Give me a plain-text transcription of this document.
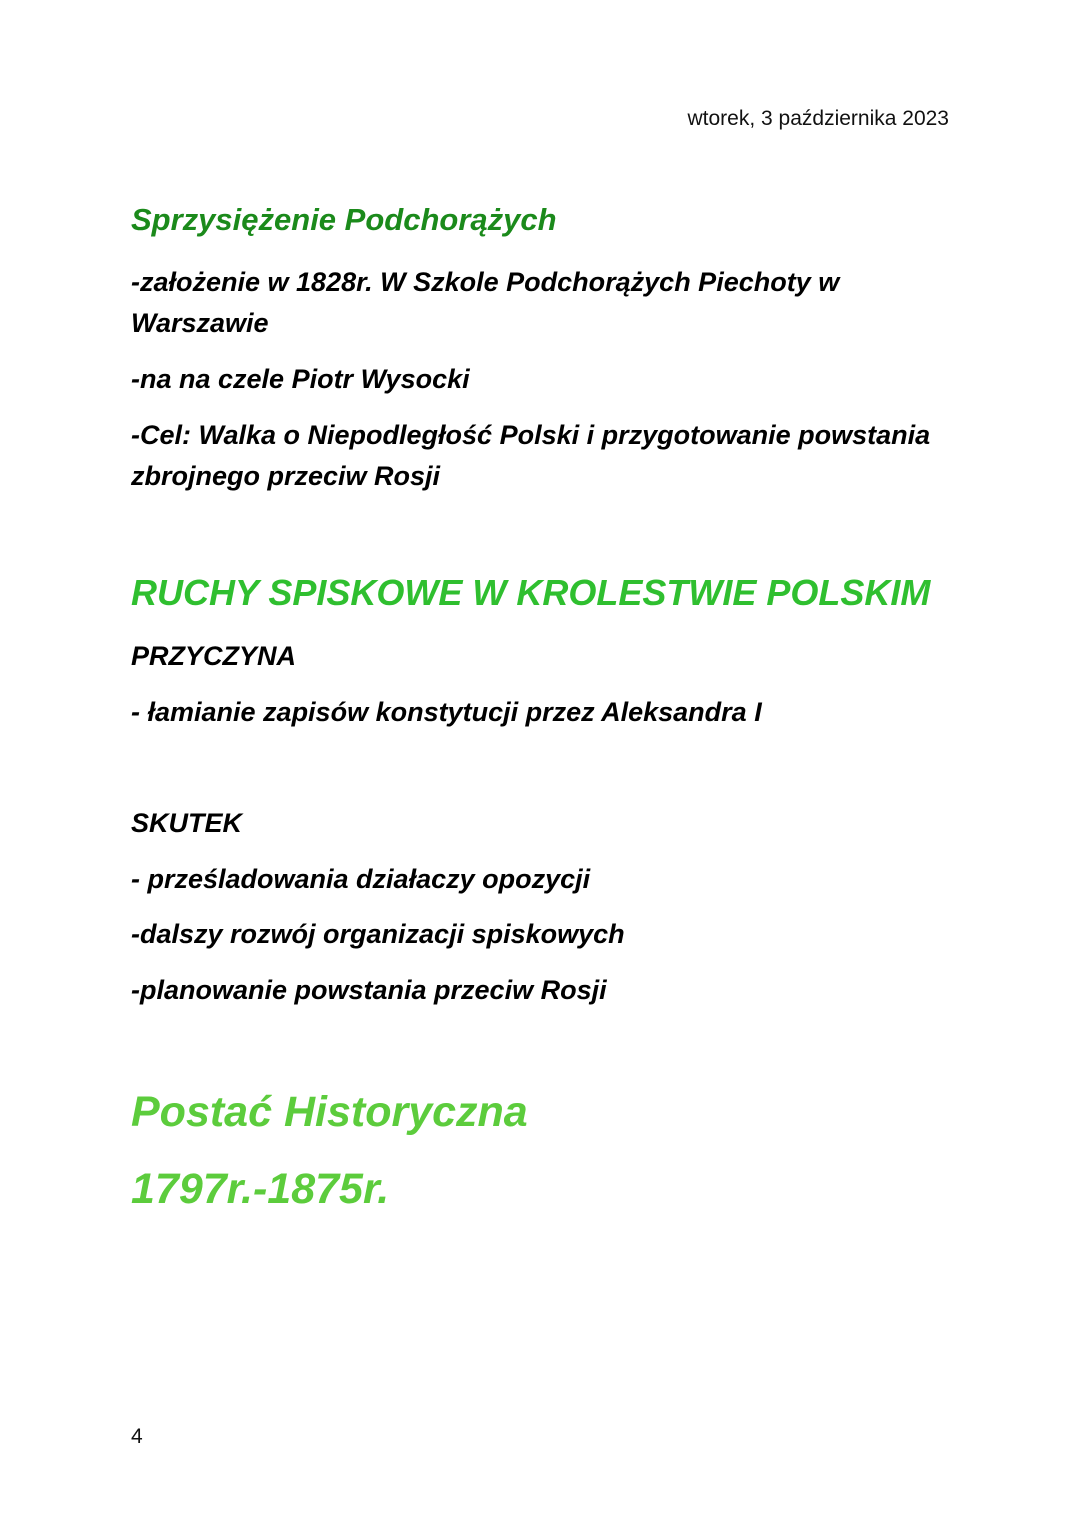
wtorek, 3 października 2023
Sprzysiężenie Podchorążych

-założenie w 1828r. W Szkole Podchorążych Piechoty w Warszawie

-na na czele Piotr Wysocki

-Cel: Walka o Niepodległość Polski i przygotowanie powstania zbrojnego przeciw Rosji

RUCHY SPISKOWE W KROLESTWIE POLSKIM
PRZYCZYNA

- łamianie zapisów konstytucji przez Aleksandra I

SKUTEK

- prześladowania działaczy opozycji

-dalszy rozwój organizacji spiskowych

-planowanie powstania przeciw Rosji

Postać Historyczna
1797r.-1875r.
4
